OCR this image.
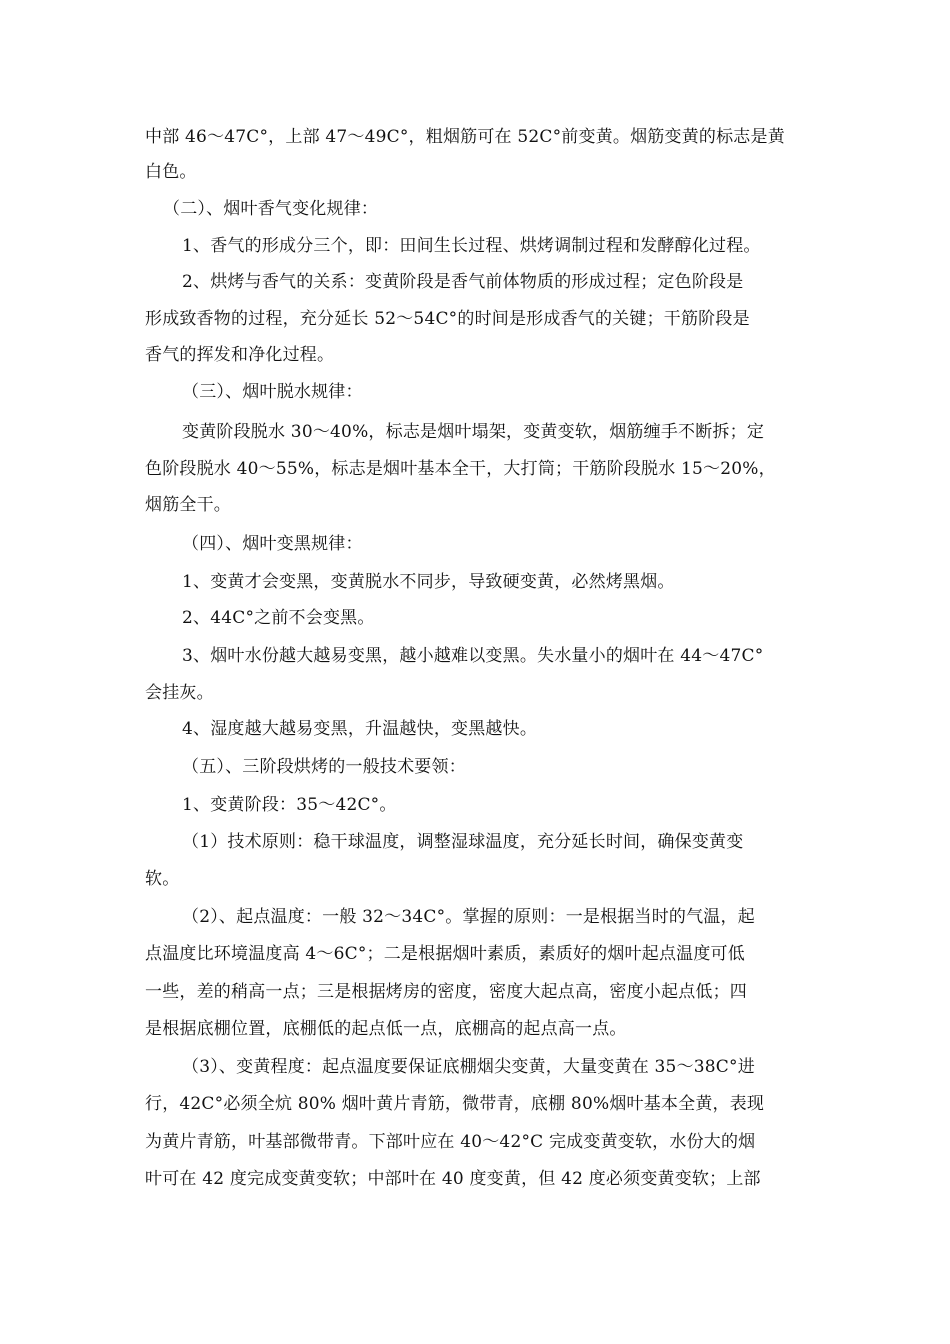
中部 46～47C°，上部 47～49C°，粗烟筋可在 52C°前变黄。烟筋变黄的标志是黄
白色。
（二）、烟叶香气变化规律：
1、香气的形成分三个，即：田间生长过程、烘烤调制过程和发酵醇化过程。
2、烘烤与香气的关系：变黄阶段是香气前体物质的形成过程；定色阶段是
形成致香物的过程，充分延长 52～54C°的时间是形成香气的关键；干筋阶段是
香气的挥发和净化过程。
（三）、烟叶脱水规律：
变黄阶段脱水 30～40%，标志是烟叶塌架，变黄变软，烟筋缠手不断拆；定
色阶段脱水 40～55%，标志是烟叶基本全干，大打筒；干筋阶段脱水 15～20%，
烟筋全干。
（四）、烟叶变黑规律：
1、变黄才会变黑，变黄脱水不同步，导致硬变黄，必然烤黑烟。
2、44C°之前不会变黑。
3、烟叶水份越大越易变黑，越小越难以变黑。失水量小的烟叶在 44～47C°
会挂灰。
4、湿度越大越易变黑，升温越快，变黑越快。
（五）、三阶段烘烤的一般技术要领：
1、变黄阶段：35～42C°。
（1）技术原则：稳干球温度，调整湿球温度，充分延长时间，确保变黄变
软。
（2）、起点温度：一般 32～34C°。掌握的原则：一是根据当时的气温，起
点温度比环境温度高 4～6C°；二是根据烟叶素质，素质好的烟叶起点温度可低
一些，差的稍高一点；三是根据烤房的密度，密度大起点高，密度小起点低；四
是根据底棚位置，底棚低的起点低一点，底棚高的起点高一点。
（3）、变黄程度：起点温度要保证底棚烟尖变黄，大量变黄在 35～38C°进
行，42C°必须全炕 80% 烟叶黄片青筋，微带青，底棚 80%烟叶基本全黄，表现
为黄片青筋，叶基部微带青。下部叶应在 40～42°C 完成变黄变软，水份大的烟
叶可在 42 度完成变黄变软；中部叶在 40 度变黄，但 42 度必须变黄变软；上部
